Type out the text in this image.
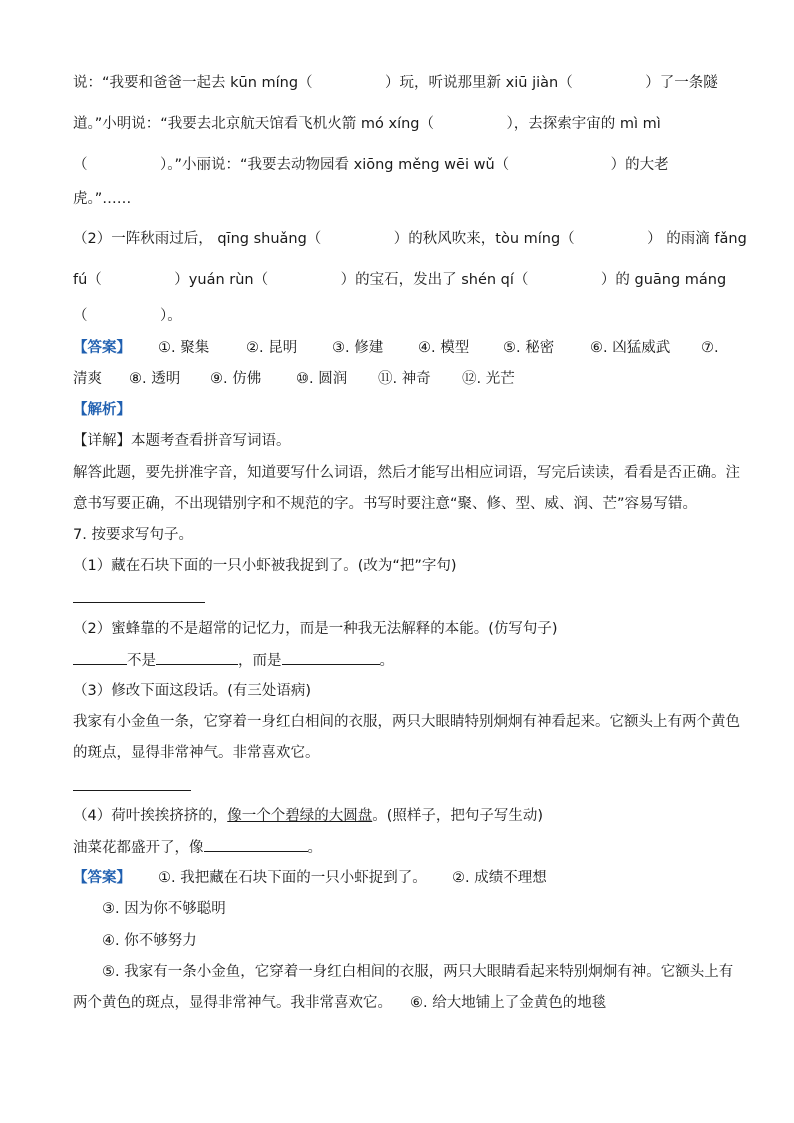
说：“我要和爸爸一起去 kūn míng（　　　　　）玩，听说那里新 xiū jiàn（　　　　　）了一条隧
道。”小明说：“我要去北京航天馆看飞机火箭 mó xíng（　　　　　），去探索宇宙的 mì mì
（　　　　　）。”小丽说：“我要去动物园看 xiōng měng wēi wǔ（　　　　　　　）的大老
虎。”……
（2）一阵秋雨过后， qīng shuǎng（　　　　　）的秋风吹来，tòu míng（　　　　　） 的雨滴 fǎng
fú（　　　　　）yuán rùn（　　　　　）的宝石，发出了 shén qí（　　　　　）的 guāng máng
（　　　　　）。
【答案】 ①. 聚集	②. 昆明 ③. 修建 ④. 模型 ⑤. 秘密 ⑥. 凶猛威武 ⑦.
清爽 ⑧. 透明 ⑨. 仿佛 ⑩. 圆润 ⑪. 神奇 ⑫. 光芒
【解析】
【详解】本题考查看拼音写词语。
解答此题，要先拼准字音，知道要写什么词语，然后才能写出相应词语，写完后读读，看看是否正确。注
意书写要正确，不出现错别字和不规范的字。书写时要注意“聚、修、型、威、润、芒”容易写错。
7. 按要求写句子。
（1）藏在石块下面的一只小虾被我捉到了。(改为“把”字句)
（2）蜜蜂靠的不是超常的记忆力，而是一种我无法解释的本能。(仿写句子)
不是	，而是	。
（3）修改下面这段话。(有三处语病)
我家有小金鱼一条，它穿着一身红白相间的衣服，两只大眼睛特别炯炯有神看起来。它额头上有两个黄色
的斑点，显得非常神气。非常喜欢它。
（4）荷叶挨挨挤挤的，像一个个碧绿的大圆盘。(照样子，把句子写生动)
油菜花都盛开了，像	。
【答案】 ①. 我把藏在石块下面的一只小虾捉到了。 ②. 成绩不理想
③. 因为你不够聪明
④. 你不够努力
⑤. 我家有一条小金鱼，它穿着一身红白相间的衣服，两只大眼睛看起来特别炯炯有神。它额头上有
两个黄色的斑点，显得非常神气。我非常喜欢它。 ⑥. 给大地铺上了金黄色的地毯
